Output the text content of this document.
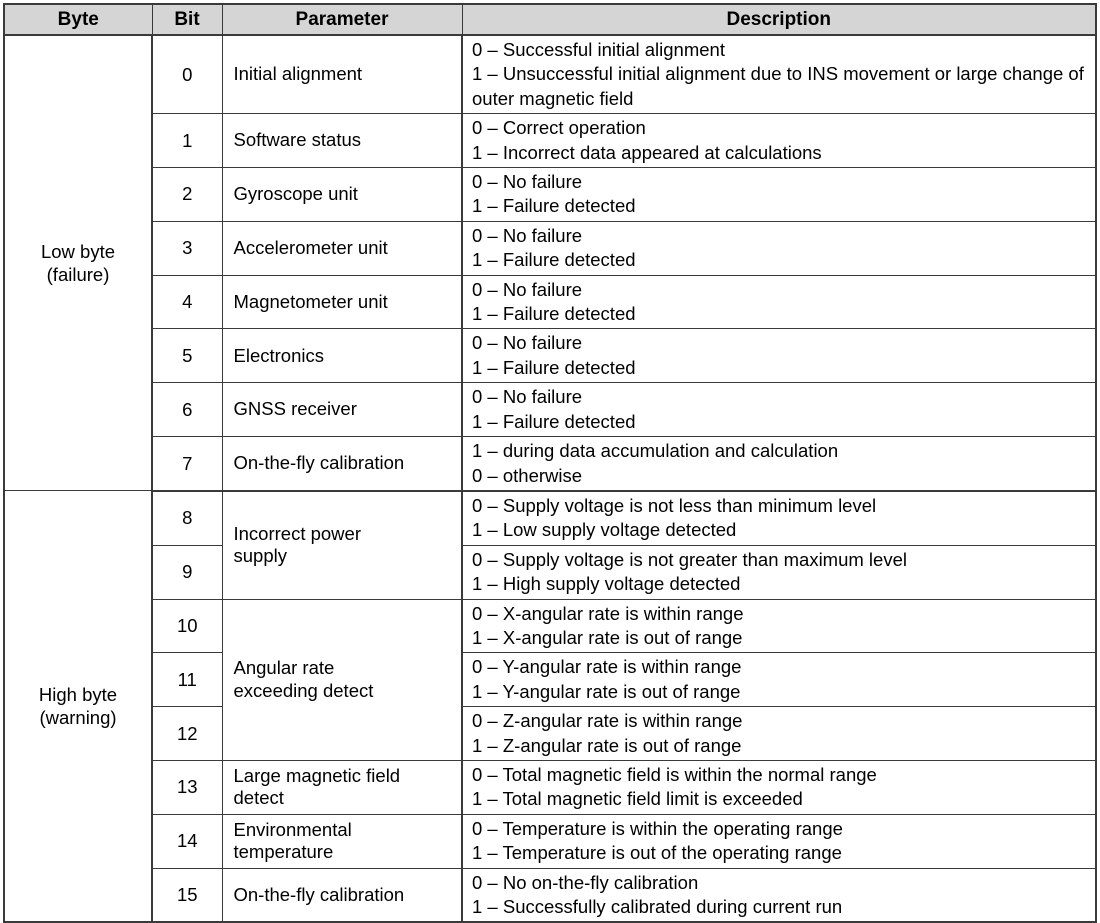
Byte	Bit	Parameter	Description

Low byte
(failure)	0	Initial alignment	0 – Successful initial alignment
1 – Unsuccessful initial alignment due to INS movement or large change of outer magnetic field

	1	Software status	0 – Correct operation
1 – Incorrect data appeared at calculations

	2	Gyroscope unit	0 – No failure
1 – Failure detected

	3	Accelerometer unit	0 – No failure
1 – Failure detected

	4	Magnetometer unit	0 – No failure
1 – Failure detected

	5	Electronics	0 – No failure
1 – Failure detected

	6	GNSS receiver	0 – No failure
1 – Failure detected

	7	On-the-fly calibration	1 – during data accumulation and calculation
0 – otherwise

High byte
(warning)	8	Incorrect power
supply	0 – Supply voltage is not less than minimum level
1 – Low supply voltage detected

	9		0 – Supply voltage is not greater than maximum level
1 – High supply voltage detected

	10	Angular rate
exceeding detect	0 – X-angular rate is within range
1 – X-angular rate is out of range

	11		0 – Y-angular rate is within range
1 – Y-angular rate is out of range

	12		0 – Z-angular rate is within range
1 – Z-angular rate is out of range

	13	Large magnetic field
detect	0 – Total magnetic field is within the normal range
1 – Total magnetic field limit is exceeded

	14	Environmental
temperature	0 – Temperature is within the operating range
1 – Temperature is out of the operating range

	15	On-the-fly calibration	0 – No on-the-fly calibration
1 – Successfully calibrated during current run
